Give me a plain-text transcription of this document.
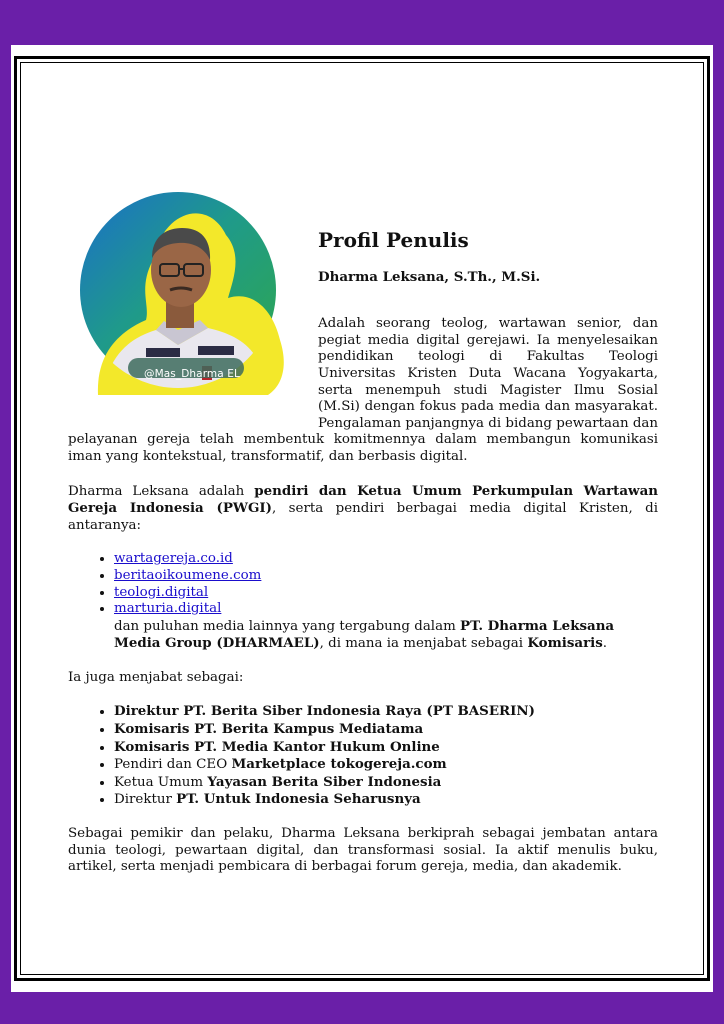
@Mas_Dharma EL
Profil Penulis
Dharma Leksana, S.Th., M.Si.

Adalah seorang teolog, wartawan senior, dan pegiat media digital gerejawi. Ia menyelesaikan pendidikan teologi di Fakultas Teologi Universitas Kristen Duta Wacana Yogyakarta, serta menempuh studi Magister Ilmu Sosial (M.Si) dengan fokus pada media dan masyarakat. Pengalaman panjangnya di bidang pewartaan dan pelayanan gereja telah membentuk komitmennya dalam membangun komunikasi iman yang kontekstual, transformatif, dan berbasis digital.

Dharma Leksana adalah pendiri dan Ketua Umum Perkumpulan Wartawan Gereja Indonesia (PWGI), serta pendiri berbagai media digital Kristen, di antaranya:

• wartagereja.co.id
• beritaoikoumene.com
• teologi.digital
• marturia.digital
dan puluhan media lainnya yang tergabung dalam PT. Dharma Leksana Media Group (DHARMAEL), di mana ia menjabat sebagai Komisaris.

Ia juga menjabat sebagai:

• Direktur PT. Berita Siber Indonesia Raya (PT BASERIN)
• Komisaris PT. Berita Kampus Mediatama
• Komisaris PT. Media Kantor Hukum Online
• Pendiri dan CEO Marketplace tokogereja.com
• Ketua Umum Yayasan Berita Siber Indonesia
• Direktur PT. Untuk Indonesia Seharusnya

Sebagai pemikir dan pelaku, Dharma Leksana berkiprah sebagai jembatan antara dunia teologi, pewartaan digital, dan transformasi sosial. Ia aktif menulis buku, artikel, serta menjadi pembicara di berbagai forum gereja, media, dan akademik.
